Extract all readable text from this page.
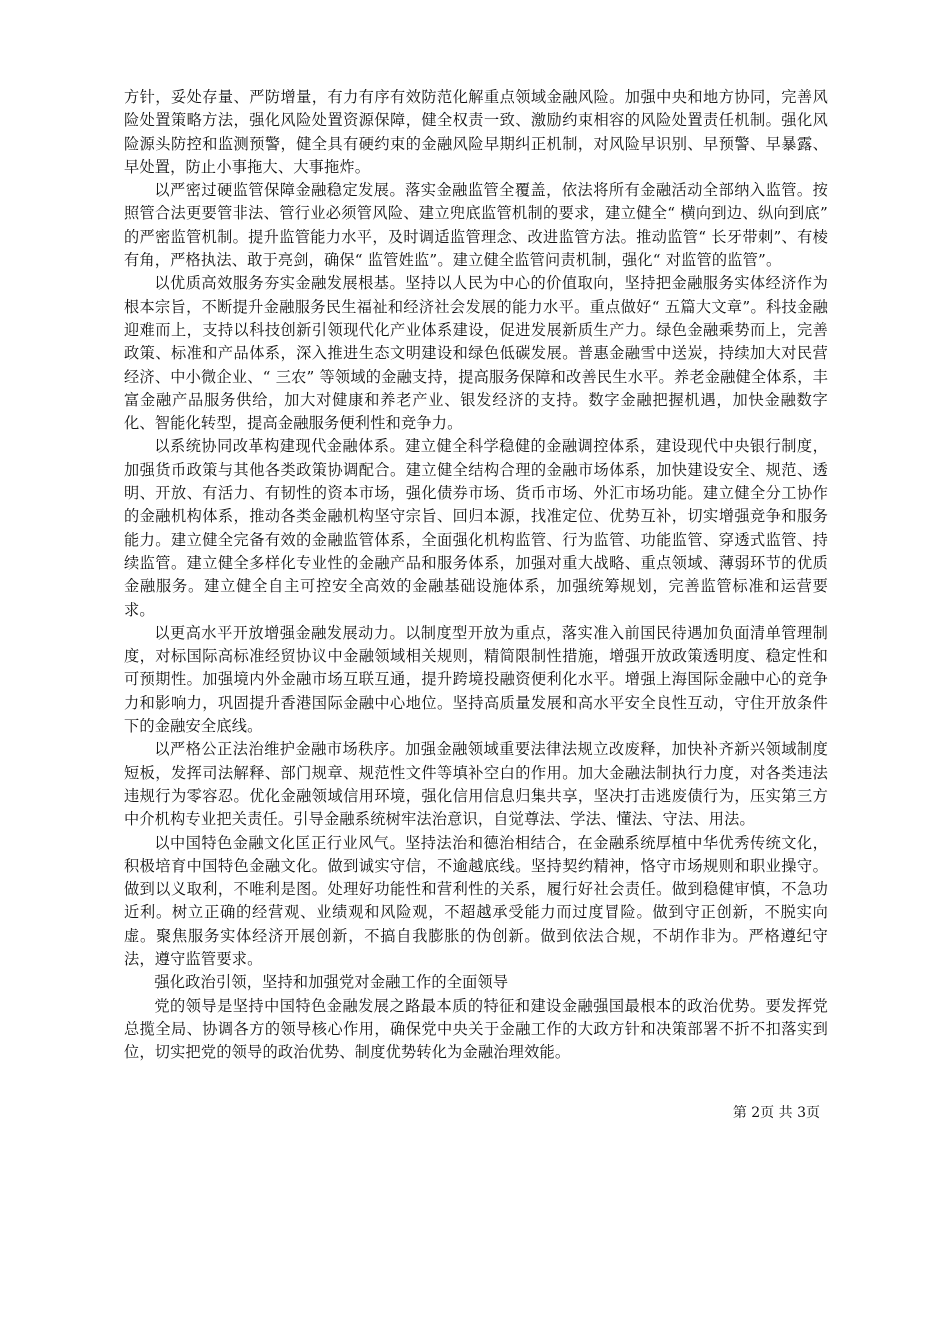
方针，妥处存量、严防增量，有力有序有效防范化解重点领域金融风险。加强中央和地方协同，完善风险处置策略方法，强化风险处置资源保障，健全权责一致、激励约束相容的风险处置责任机制。强化风险源头防控和监测预警，健全具有硬约束的金融风险早期纠正机制，对风险早识别、早预警、早暴露、早处置，防止小事拖大、大事拖炸。

以严密过硬监管保障金融稳定发展。落实金融监管全覆盖，依法将所有金融活动全部纳入监管。按照管合法更要管非法、管行业必须管风险、建立兜底监管机制的要求，建立健全“ 横向到边、纵向到底” 的严密监管机制。提升监管能力水平，及时调适监管理念、改进监管方法。推动监管“ 长牙带刺”、有棱有角，严格执法、敢于亮剑，确保“ 监管姓监”。建立健全监管问责机制，强化“ 对监管的监管”。

以优质高效服务夯实金融发展根基。坚持以人民为中心的价值取向，坚持把金融服务实体经济作为根本宗旨，不断提升金融服务民生福祉和经济社会发展的能力水平。重点做好“ 五篇大文章”。科技金融迎难而上，支持以科技创新引领现代化产业体系建设，促进发展新质生产力。绿色金融乘势而上，完善政策、标准和产品体系，深入推进生态文明建设和绿色低碳发展。普惠金融雪中送炭，持续加大对民营经济、中小微企业、“ 三农” 等领域的金融支持，提高服务保障和改善民生水平。养老金融健全体系，丰富金融产品服务供给，加大对健康和养老产业、银发经济的支持。数字金融把握机遇，加快金融数字化、智能化转型，提高金融服务便利性和竞争力。

以系统协同改革构建现代金融体系。建立健全科学稳健的金融调控体系，建设现代中央银行制度，加强货币政策与其他各类政策协调配合。建立健全结构合理的金融市场体系，加快建设安全、规范、透明、开放、有活力、有韧性的资本市场，强化债券市场、货币市场、外汇市场功能。建立健全分工协作的金融机构体系，推动各类金融机构坚守宗旨、回归本源，找准定位、优势互补，切实增强竞争和服务能力。建立健全完备有效的金融监管体系，全面强化机构监管、行为监管、功能监管、穿透式监管、持续监管。建立健全多样化专业性的金融产品和服务体系，加强对重大战略、重点领域、薄弱环节的优质金融服务。建立健全自主可控安全高效的金融基础设施体系，加强统筹规划，完善监管标准和运营要求。

以更高水平开放增强金融发展动力。以制度型开放为重点，落实准入前国民待遇加负面清单管理制度，对标国际高标准经贸协议中金融领域相关规则，精简限制性措施，增强开放政策透明度、稳定性和可预期性。加强境内外金融市场互联互通，提升跨境投融资便利化水平。增强上海国际金融中心的竞争力和影响力，巩固提升香港国际金融中心地位。坚持高质量发展和高水平安全良性互动，守住开放条件下的金融安全底线。

以严格公正法治维护金融市场秩序。加强金融领域重要法律法规立改废释，加快补齐新兴领域制度短板，发挥司法解释、部门规章、规范性文件等填补空白的作用。加大金融法制执行力度，对各类违法违规行为零容忍。优化金融领域信用环境，强化信用信息归集共享，坚决打击逃废债行为，压实第三方中介机构专业把关责任。引导金融系统树牢法治意识，自觉尊法、学法、懂法、守法、用法。

以中国特色金融文化匡正行业风气。坚持法治和德治相结合，在金融系统厚植中华优秀传统文化，积极培育中国特色金融文化。做到诚实守信，不逾越底线。坚持契约精神，恪守市场规则和职业操守。做到以义取利，不唯利是图。处理好功能性和营利性的关系，履行好社会责任。做到稳健审慎，不急功近利。树立正确的经营观、业绩观和风险观，不超越承受能力而过度冒险。做到守正创新，不脱实向虚。聚焦服务实体经济开展创新，不搞自我膨胀的伪创新。做到依法合规，不胡作非为。严格遵纪守法，遵守监管要求。

强化政治引领，坚持和加强党对金融工作的全面领导

党的领导是坚持中国特色金融发展之路最本质的特征和建设金融强国最根本的政治优势。要发挥党总揽全局、协调各方的领导核心作用，确保党中央关于金融工作的大政方针和决策部署不折不扣落实到位，切实把党的领导的政治优势、制度优势转化为金融治理效能。

第 2页 共 3页
